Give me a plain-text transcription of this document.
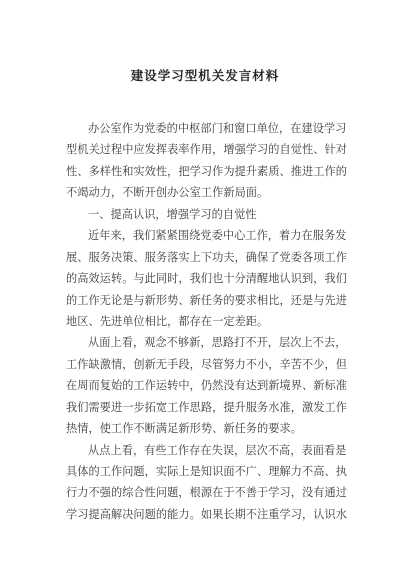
建设学习型机关发言材料
办公室作为党委的中枢部门和窗口单位，在建设学习
型机关过程中应发挥表率作用，增强学习的自觉性、针对
性、多样性和实效性，把学习作为提升素质、推进工作的
不竭动力，不断开创办公室工作新局面。
一、提高认识，增强学习的自觉性
近年来，我们紧紧围绕党委中心工作，着力在服务发
展、服务决策、服务落实上下功夫，确保了党委各项工作
的高效运转。与此同时，我们也十分清醒地认识到，我们
的工作无论是与新形势、新任务的要求相比，还是与先进
地区、先进单位相比，都存在一定差距。
从面上看，观念不够新，思路打不开，层次上不去，
工作缺激情，创新无手段，尽管努力不小，辛苦不少，但
在周而复始的工作运转中，仍然没有达到新境界、新标准
我们需要进一步拓宽工作思路，提升服务水准，激发工作
热情，使工作不断满足新形势、新任务的要求。
从点上看，有些工作存在失误，层次不高，表面看是
具体的工作问题，实际上是知识面不广、理解力不高、执
行力不强的综合性问题，根源在于不善于学习，没有通过
学习提高解决问题的能力。如果长期不注重学习，认识水
